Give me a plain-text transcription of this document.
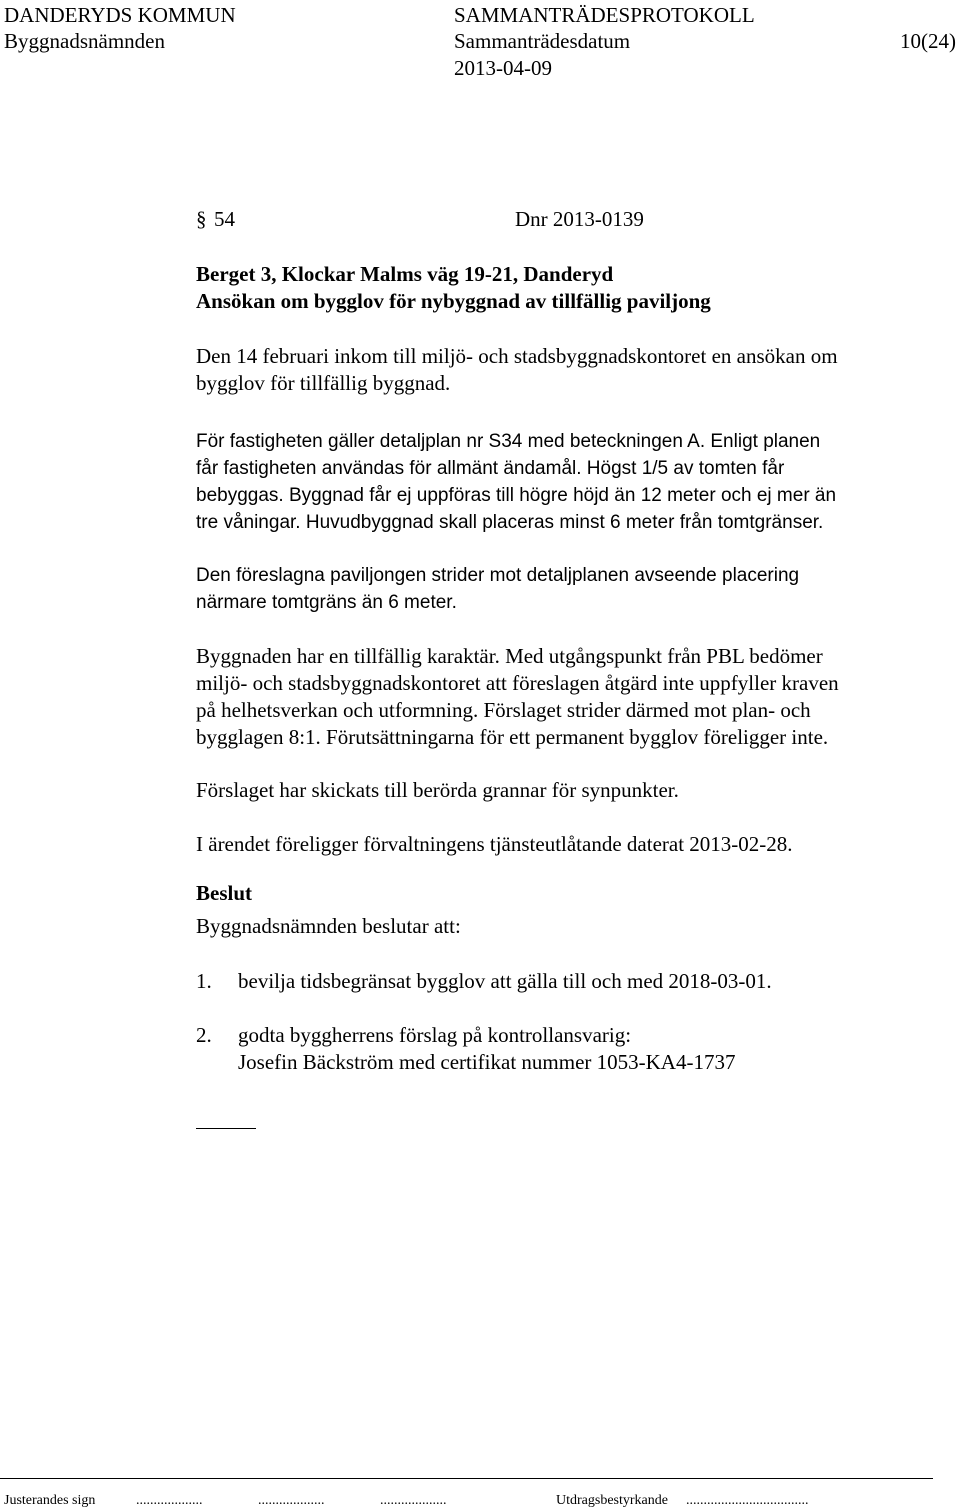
DANDERYDS KOMMUN	SAMMANTRÄDESPROTOKOLL
Byggnadsnämnden	Sammanträdesdatum	10(24)
2013-04-09
§ 54	Dnr 2013-0139
Berget 3, Klockar Malms väg 19-21, Danderyd
Ansökan om bygglov för nybyggnad av tillfällig paviljong

Den 14 februari inkom till miljö- och stadsbyggnadskontoret en ansökan om

bygglov för tillfällig byggnad.

För fastigheten gäller detaljplan nr S34 med beteckningen A. Enligt planen

får fastigheten användas för allmänt ändamål. Högst 1/5 av tomten får

bebyggas. Byggnad får ej uppföras till högre höjd än 12 meter och ej mer än

tre våningar. Huvudbyggnad skall placeras minst 6 meter från tomtgränser.

Den föreslagna paviljongen strider mot detaljplanen avseende placering

närmare tomtgräns än 6 meter.

Byggnaden har en tillfällig karaktär. Med utgångspunkt från PBL bedömer

miljö- och stadsbyggnadskontoret att föreslagen åtgärd inte uppfyller kraven

på helhetsverkan och utformning. Förslaget strider därmed mot plan- och

bygglagen 8:1. Förutsättningarna för ett permanent bygglov föreligger inte.

Förslaget har skickats till berörda grannar för synpunkter.

I ärendet föreligger förvaltningens tjänsteutlåtande daterat 2013-02-28.

Beslut
Byggnadsnämnden beslutar att:
1. bevilja tidsbegränsat bygglov att gälla till och med 2018-03-01.
2. godta byggherrens förslag på kontrollansvarig:
Josefin Bäckström med certifikat nummer 1053-KA4-1737
Justerandes sign	...................	...................	...................	Utdragsbestyrkande ...................................
